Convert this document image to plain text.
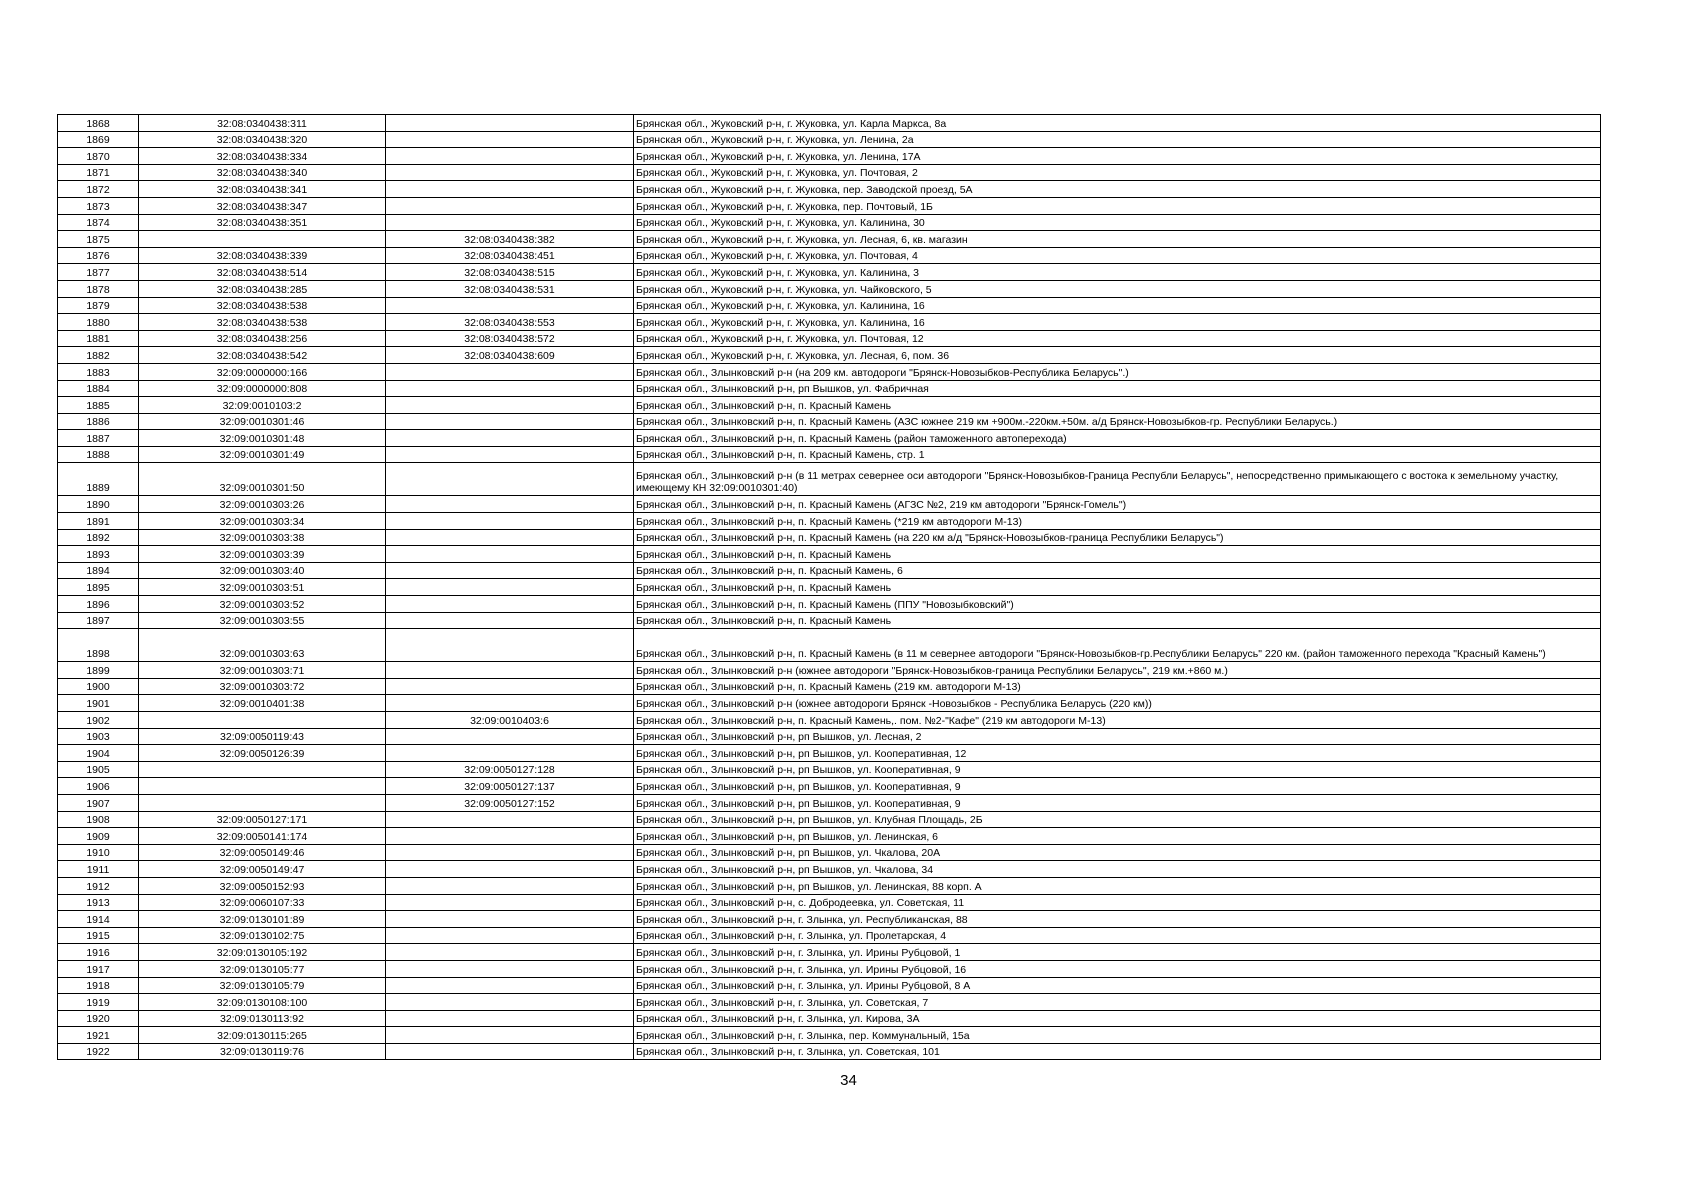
1868	32:08:0340438:311		Брянская обл., Жуковский р-н, г. Жуковка, ул. Карла Маркса, 8а
1869	32:08:0340438:320		Брянская обл., Жуковский р-н, г. Жуковка, ул. Ленина, 2а
1870	32:08:0340438:334		Брянская обл., Жуковский р-н, г. Жуковка, ул. Ленина, 17А
1871	32:08:0340438:340		Брянская обл., Жуковский р-н, г. Жуковка, ул. Почтовая, 2
1872	32:08:0340438:341		Брянская обл., Жуковский р-н, г. Жуковка, пер. Заводской проезд, 5А
1873	32:08:0340438:347		Брянская обл., Жуковский р-н, г. Жуковка, пер. Почтовый, 1Б
1874	32:08:0340438:351		Брянская обл., Жуковский р-н, г. Жуковка, ул. Калинина, 30
1875		32:08:0340438:382	Брянская обл., Жуковский р-н, г. Жуковка, ул. Лесная, 6, кв. магазин
1876	32:08:0340438:339	32:08:0340438:451	Брянская обл., Жуковский р-н, г. Жуковка, ул. Почтовая, 4
1877	32:08:0340438:514	32:08:0340438:515	Брянская обл., Жуковский р-н, г. Жуковка, ул. Калинина, 3
1878	32:08:0340438:285	32:08:0340438:531	Брянская обл., Жуковский р-н, г. Жуковка, ул. Чайковского, 5
1879	32:08:0340438:538		Брянская обл., Жуковский р-н, г. Жуковка, ул. Калинина, 16
1880	32:08:0340438:538	32:08:0340438:553	Брянская обл., Жуковский р-н, г. Жуковка, ул. Калинина, 16
1881	32:08:0340438:256	32:08:0340438:572	Брянская обл., Жуковский р-н, г. Жуковка, ул. Почтовая, 12
1882	32:08:0340438:542	32:08:0340438:609	Брянская обл., Жуковский р-н, г. Жуковка, ул. Лесная, 6, пом. 36
1883	32:09:0000000:166		Брянская обл., Злынковский р-н (на 209 км. автодороги "Брянск-Новозыбков-Республика Беларусь".)
1884	32:09:0000000:808		Брянская обл., Злынковский р-н, рп Вышков, ул. Фабричная
1885	32:09:0010103:2		Брянская обл., Злынковский р-н, п. Красный Камень
1886	32:09:0010301:46		Брянская обл., Злынковский р-н, п. Красный Камень (АЗС южнее 219 км +900м.-220км.+50м. а/д Брянск-Новозыбков-гр. Республики Беларусь.)
1887	32:09:0010301:48		Брянская обл., Злынковский р-н, п. Красный Камень (район таможенного автоперехода)
1888	32:09:0010301:49		Брянская обл., Злынковский р-н, п. Красный Камень, стр. 1
1889	32:09:0010301:50		Брянская обл., Злынковский р-н (в 11 метрах севернее оси автодороги "Брянск-Новозыбков-Граница Республи Беларусь", непосредственно примыкающего с востока к земельному участку, имеющему КН 32:09:0010301:40)
1890	32:09:0010303:26		Брянская обл., Злынковский р-н, п. Красный Камень (АГЗС №2, 219 км автодороги "Брянск-Гомель")
1891	32:09:0010303:34		Брянская обл., Злынковский р-н, п. Красный Камень (*219 км автодороги М-13)
1892	32:09:0010303:38		Брянская обл., Злынковский р-н, п. Красный Камень (на 220 км а/д "Брянск-Новозыбков-граница Республики Беларусь")
1893	32:09:0010303:39		Брянская обл., Злынковский р-н, п. Красный Камень
1894	32:09:0010303:40		Брянская обл., Злынковский р-н, п. Красный Камень, 6
1895	32:09:0010303:51		Брянская обл., Злынковский р-н, п. Красный Камень
1896	32:09:0010303:52		Брянская обл., Злынковский р-н, п. Красный Камень (ППУ "Новозыбковский")
1897	32:09:0010303:55		Брянская обл., Злынковский р-н, п. Красный Камень
1898	32:09:0010303:63		Брянская обл., Злынковский р-н, п. Красный Камень (в 11 м севернее автодороги "Брянск-Новозыбков-гр.Республики Беларусь" 220 км. (район таможенного перехода "Красный Камень")
1899	32:09:0010303:71		Брянская обл., Злынковский р-н (южнее автодороги "Брянск-Новозыбков-граница Республики Беларусь", 219 км.+860 м.)
1900	32:09:0010303:72		Брянская обл., Злынковский р-н, п. Красный Камень (219 км. автодороги М-13)
1901	32:09:0010401:38		Брянская обл., Злынковский р-н (южнее автодороги Брянск -Новозыбков - Республика Беларусь (220 км))
1902		32:09:0010403:6	Брянская обл., Злынковский р-н, п. Красный Камень,. пом. №2-"Кафе" (219 км автодороги М-13)
1903	32:09:0050119:43		Брянская обл., Злынковский р-н, рп Вышков, ул. Лесная, 2
1904	32:09:0050126:39		Брянская обл., Злынковский р-н, рп Вышков, ул. Кооперативная, 12
1905		32:09:0050127:128	Брянская обл., Злынковский р-н, рп Вышков, ул. Кооперативная, 9
1906		32:09:0050127:137	Брянская обл., Злынковский р-н, рп Вышков, ул. Кооперативная, 9
1907		32:09:0050127:152	Брянская обл., Злынковский р-н, рп Вышков, ул. Кооперативная, 9
1908	32:09:0050127:171		Брянская обл., Злынковский р-н, рп Вышков, ул. Клубная Площадь, 2Б
1909	32:09:0050141:174		Брянская обл., Злынковский р-н, рп Вышков, ул. Ленинская, 6
1910	32:09:0050149:46		Брянская обл., Злынковский р-н, рп Вышков, ул. Чкалова, 20А
1911	32:09:0050149:47		Брянская обл., Злынковский р-н, рп Вышков, ул. Чкалова, 34
1912	32:09:0050152:93		Брянская обл., Злынковский р-н, рп Вышков, ул. Ленинская, 88 корп. А
1913	32:09:0060107:33		Брянская обл., Злынковский р-н, с. Добродеевка, ул. Советская, 11
1914	32:09:0130101:89		Брянская обл., Злынковский р-н, г. Злынка, ул. Республиканская, 88
1915	32:09:0130102:75		Брянская обл., Злынковский р-н, г. Злынка, ул. Пролетарская, 4
1916	32:09:0130105:192		Брянская обл., Злынковский р-н, г. Злынка, ул. Ирины Рубцовой, 1
1917	32:09:0130105:77		Брянская обл., Злынковский р-н, г. Злынка, ул. Ирины Рубцовой, 16
1918	32:09:0130105:79		Брянская обл., Злынковский р-н, г. Злынка, ул. Ирины Рубцовой, 8 А
1919	32:09:0130108:100		Брянская обл., Злынковский р-н, г. Злынка, ул. Советская, 7
1920	32:09:0130113:92		Брянская обл., Злынковский р-н, г. Злынка, ул. Кирова, 3А
1921	32:09:0130115:265		Брянская обл., Злынковский р-н, г. Злынка, пер. Коммунальный, 15а
1922	32:09:0130119:76		Брянская обл., Злынковский р-н, г. Злынка, ул. Советская, 101
34
